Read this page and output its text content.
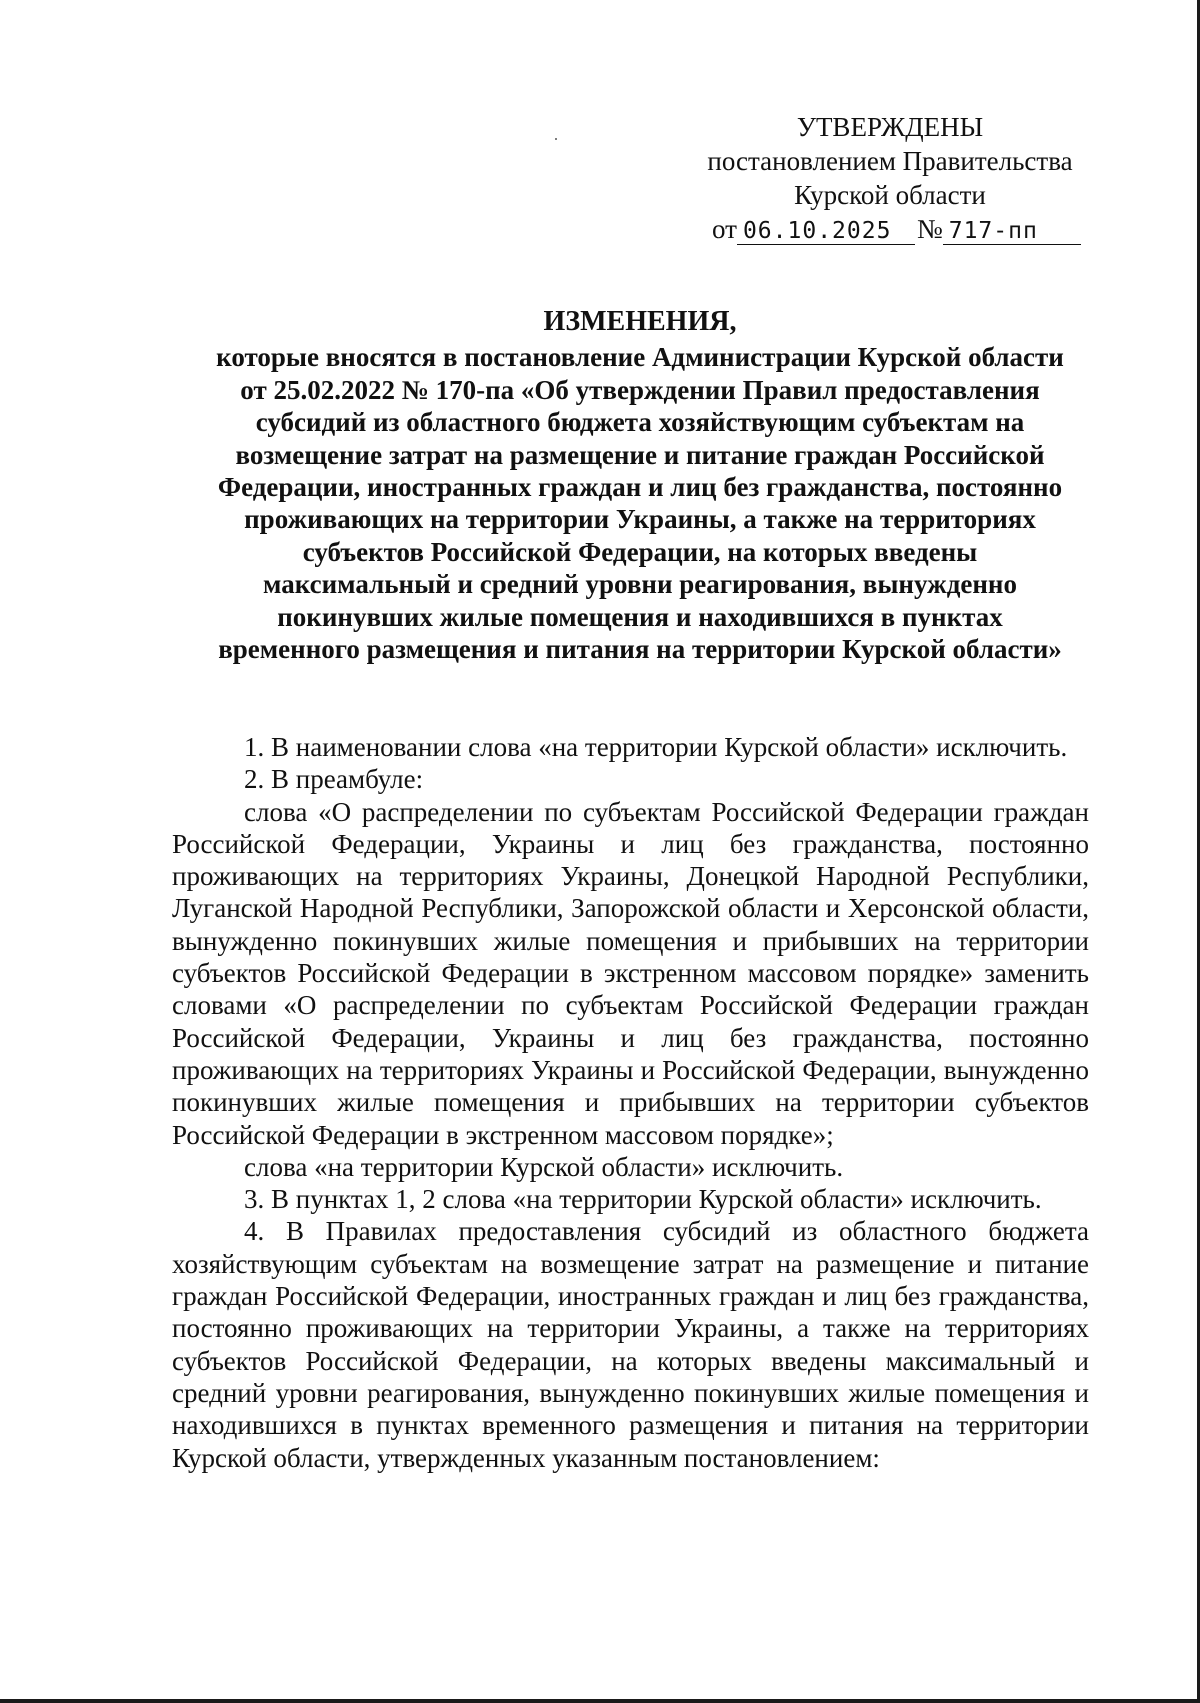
УТВЕРЖДЕНЫ
постановлением Правительства
Курской области
от 06.10.2025 № 717-пп
ИЗМЕНЕНИЯ,
которые вносятся в постановление Администрации Курской области
от 25.02.2022 № 170-па «Об утверждении Правил предоставления
субсидий из областного бюджета хозяйствующим субъектам на
возмещение затрат на размещение и питание граждан Российской
Федерации, иностранных граждан и лиц без гражданства, постоянно
проживающих на территории Украины, а также на территориях
субъектов Российской Федерации, на которых введены
максимальный и средний уровни реагирования, вынужденно
покинувших жилые помещения и находившихся в пунктах
временного размещения и питания на территории Курской области»

1. В наименовании слова «на территории Курской области» исключить.

2. В преамбуле:

слова «О распределении по субъектам Российской Федерации граждан Российской Федерации, Украины и лиц без гражданства, постоянно проживающих на территориях Украины, Донецкой Народной Республики, Луганской Народной Республики, Запорожской области и Херсонской области, вынужденно покинувших жилые помещения и прибывших на территории субъектов Российской Федерации в экстренном массовом порядке» заменить словами «О распределении по субъектам Российской Федерации граждан Российской Федерации, Украины и лиц без гражданства, постоянно проживающих на территориях Украины и Российской Федерации, вынужденно покинувших жилые помещения и прибывших на территории субъектов Российской Федерации в экстренном массовом порядке»;

слова «на территории Курской области» исключить.

3. В пунктах 1, 2 слова «на территории Курской области» исключить.

4. В Правилах предоставления субсидий из областного бюджета хозяйствующим субъектам на возмещение затрат на размещение и питание граждан Российской Федерации, иностранных граждан и лиц без гражданства, постоянно проживающих на территории Украины, а также на территориях субъектов Российской Федерации, на которых введены максимальный и средний уровни реагирования, вынужденно покинувших жилые помещения и находившихся в пунктах временного размещения и питания на территории Курской области, утвержденных указанным постановлением:
